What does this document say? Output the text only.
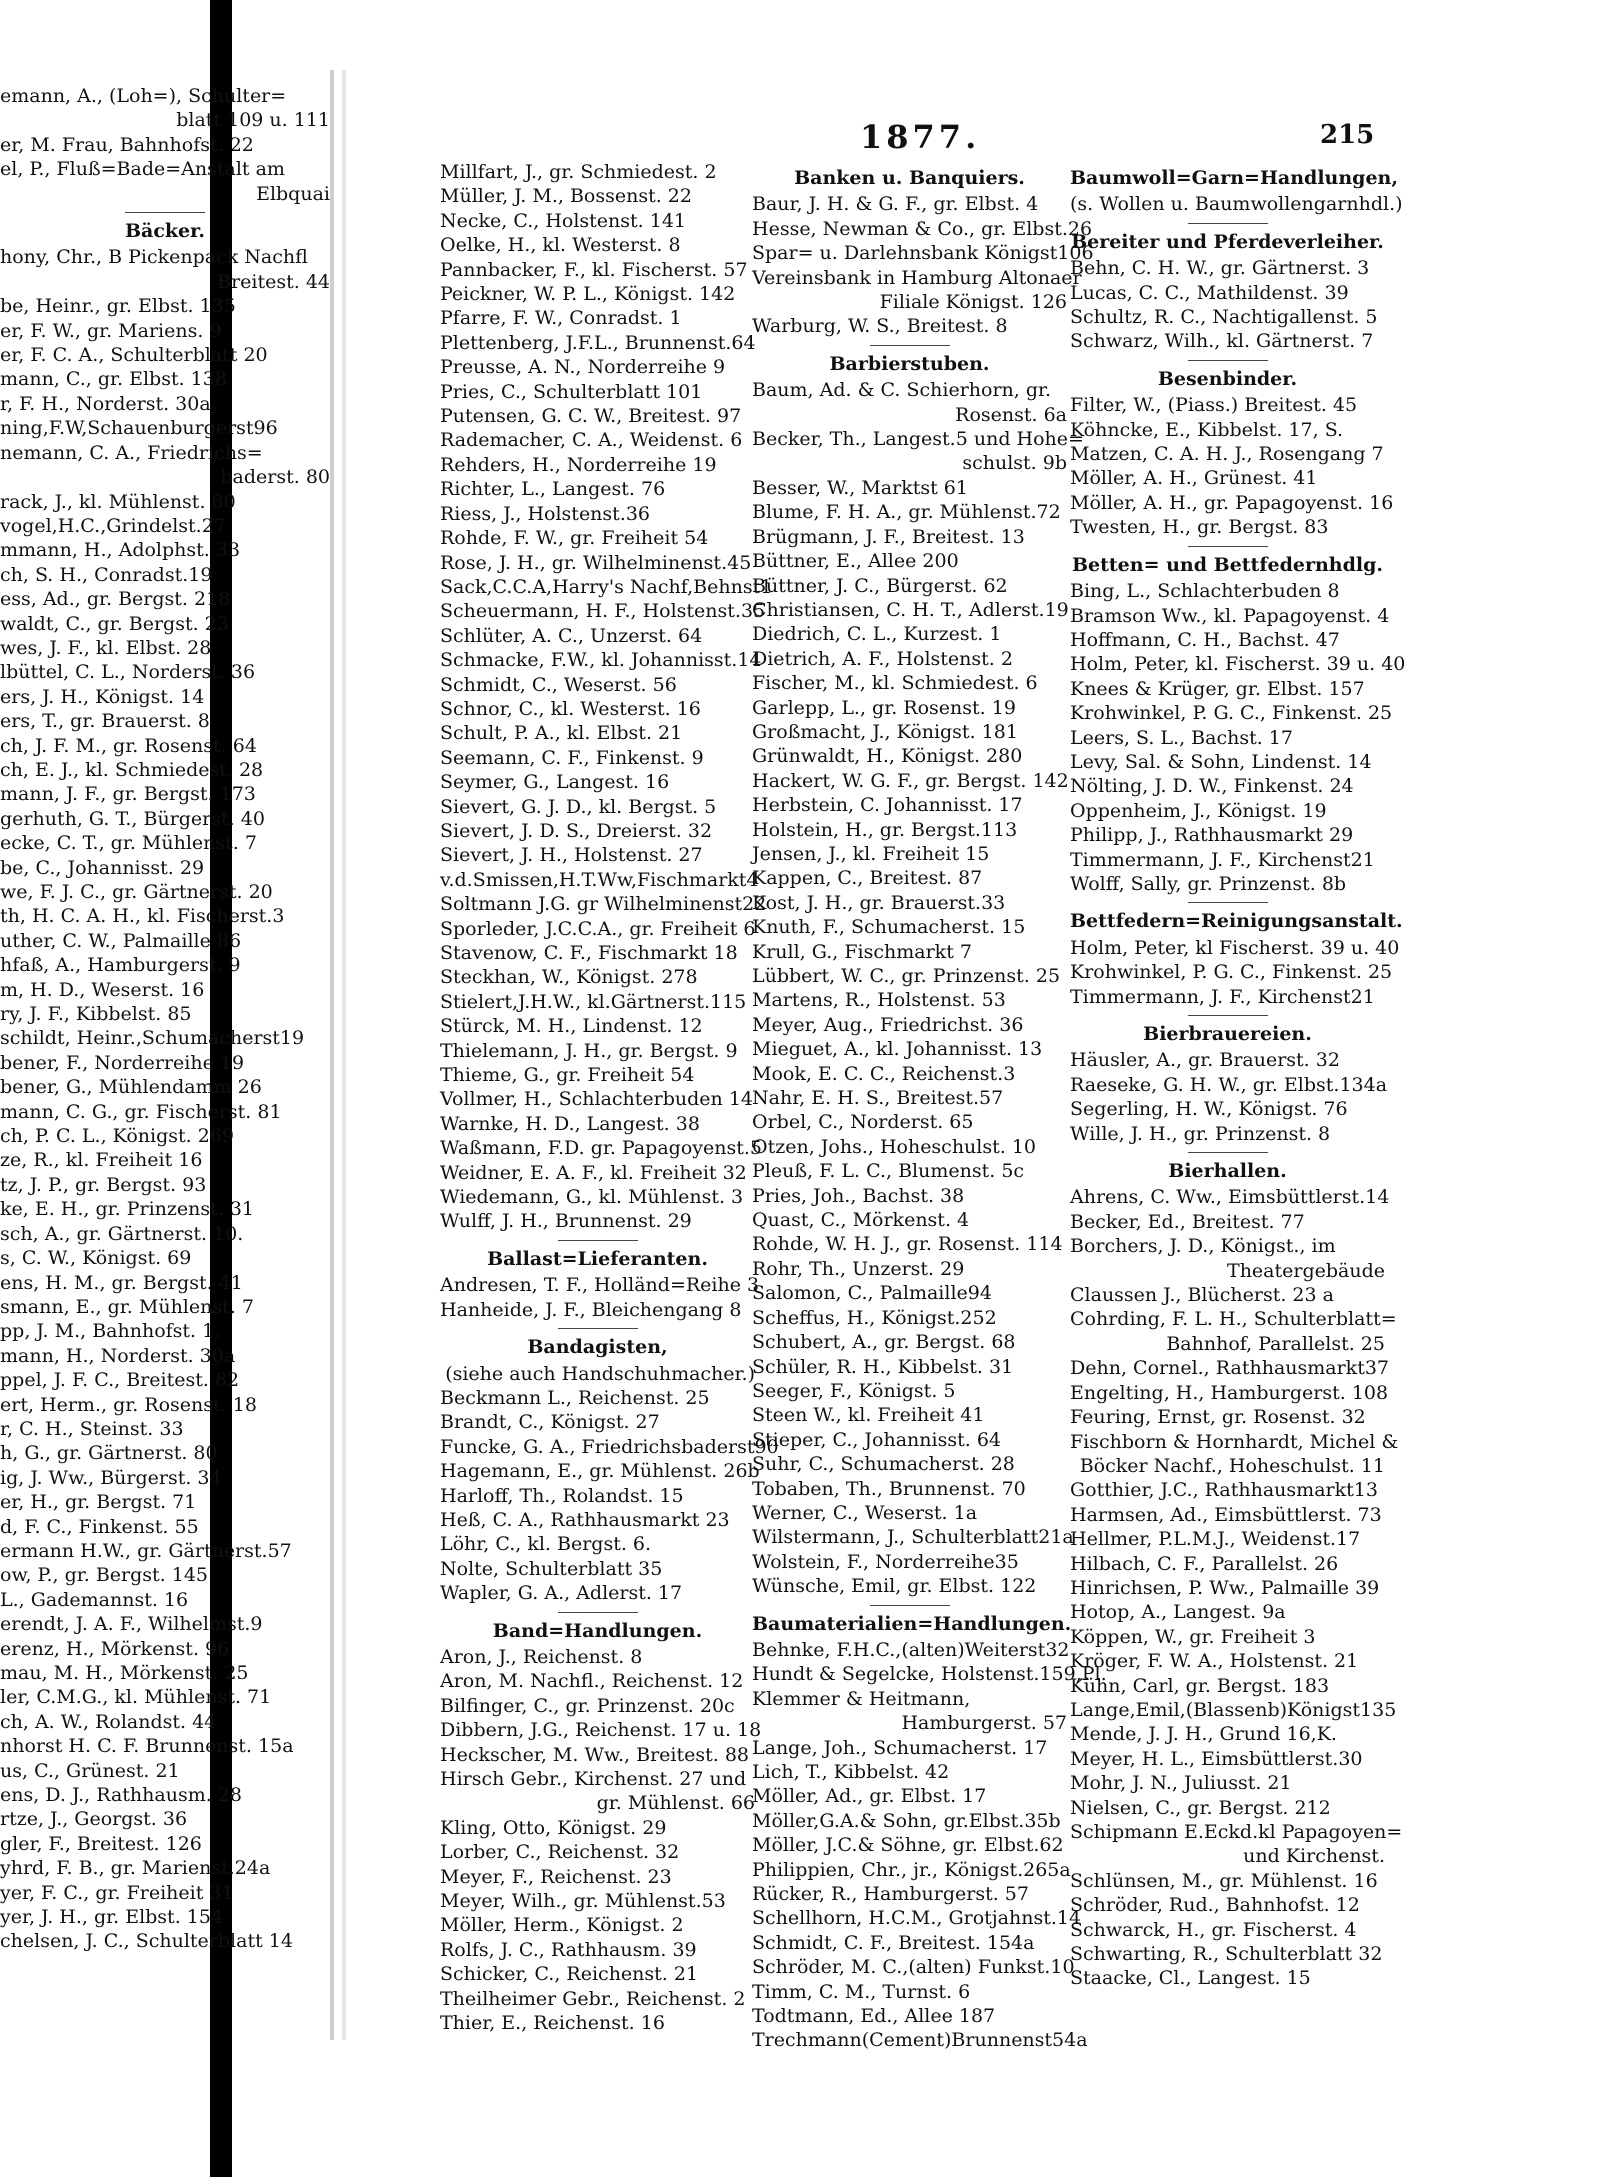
1877.	215
emann, A., (Loh=), Schulter=
blatt 109 u. 111
er, M. Frau, Bahnhofst. 22
el, P., Fluß=Bade=Anstalt am
Elbquai
Bäcker.
hony, Chr., B Pickenpack Nachfl
Breitest. 44
be, Heinr., gr. Elbst. 135
er, F. W., gr. Mariens. 9
er, F. C. A., Schulterblatt 20
mann, C., gr. Elbst. 138
r, F. H., Norderst. 30a
ning,F.W,Schauenburgerst96
nemann, C. A., Friedrichs=
baderst. 80
rack, J., kl. Mühlenst. 80
vogel,H.C.,Grindelst.27
mmann, H., Adolphst. 33
ch, S. H., Conradst.19
ess, Ad., gr. Bergst. 218
waldt, C., gr. Bergst. 23
wes, J. F., kl. Elbst. 28
lbüttel, C. L., Norderst. 36
ers, J. H., Königst. 14
ers, T., gr. Brauerst. 8
ch, J. F. M., gr. Rosenst. 64
ch, E. J., kl. Schmiedest. 28
mann, J. F., gr. Bergst. 173
gerhuth, G. T., Bürgerst. 40
ecke, C. T., gr. Mühlenst. 7
be, C., Johannisst. 29
we, F. J. C., gr. Gärtnerst. 20
th, H. C. A. H., kl. Fischerst.3
uther, C. W., Palmaille 86
hfaß, A., Hamburgerst. 9
m, H. D., Weserst. 16
ry, J. F., Kibbelst. 85
schildt, Heinr.,Schumacherst19
bener, F., Norderreihe 19
bener, G., Mühlendamm 26
mann, C. G., gr. Fischerst. 81
ch, P. C. L., Königst. 269
ze, R., kl. Freiheit 16
tz, J. P., gr. Bergst. 93
ke, E. H., gr. Prinzenst. 31
sch, A., gr. Gärtnerst. 10.
s, C. W., Königst. 69
ens, H. M., gr. Bergst. 41
smann, E., gr. Mühlenst. 7
pp, J. M., Bahnhofst. 1.
mann, H., Norderst. 30a
ppel, J. F. C., Breitest. 82
ert, Herm., gr. Rosenst. 18
r, C. H., Steinst. 33
h, G., gr. Gärtnerst. 80
ig, J. Ww., Bürgerst. 34
er, H., gr. Bergst. 71
d, F. C., Finkenst. 55
ermann H.W., gr. Gärtnerst.57
ow, P., gr. Bergst. 145
L., Gademannst. 16
erendt, J. A. F., Wilhelmst.9
erenz, H., Mörkenst. 96
mau, M. H., Mörkenst. 25
ler, C.M.G., kl. Mühlenst. 71
ch, A. W., Rolandst. 44
nhorst H. C. F. Brunnenst. 15a
us, C., Grünest. 21
ens, D. J., Rathhausm. 28
rtze, J., Georgst. 36
gler, F., Breitest. 126
yhrd, F. B., gr. Marienst.24a
yer, F. C., gr. Freiheit 31
yer, J. H., gr. Elbst. 154
chelsen, J. C., Schulterblatt 14
Millfart, J., gr. Schmiedest. 2
Müller, J. M., Bossenst. 22
Necke, C., Holstenst. 141
Oelke, H., kl. Westerst. 8
Pannbacker, F., kl. Fischerst. 57
Peickner, W. P. L., Königst. 142
Pfarre, F. W., Conradst. 1
Plettenberg, J.F.L., Brunnenst.64
Preusse, A. N., Norderreihe 9
Pries, C., Schulterblatt 101
Putensen, G. C. W., Breitest. 97
Rademacher, C. A., Weidenst. 6
Rehders, H., Norderreihe 19
Richter, L., Langest. 76
Riess, J., Holstenst.36
Rohde, F. W., gr. Freiheit 54
Rose, J. H., gr. Wilhelminenst.45
Sack,C.C.A,Harry's Nachf,Behnst1
Scheuermann, H. F., Holstenst.35
Schlüter, A. C., Unzerst. 64
Schmacke, F.W., kl. Johannisst.14
Schmidt, C., Weserst. 56
Schnor, C., kl. Westerst. 16
Schult, P. A., kl. Elbst. 21
Seemann, C. F., Finkenst. 9
Seymer, G., Langest. 16
Sievert, G. J. D., kl. Bergst. 5
Sievert, J. D. S., Dreierst. 32
Sievert, J. H., Holstenst. 27
v.d.Smissen,H.T.Ww,Fischmarkt4
Soltmann J.G. gr Wilhelminenst22
Sporleder, J.C.C.A., gr. Freiheit 6
Stavenow, C. F., Fischmarkt 18
Steckhan, W., Königst. 278
Stielert,J.H.W., kl.Gärtnerst.115
Stürck, M. H., Lindenst. 12
Thielemann, J. H., gr. Bergst. 9
Thieme, G., gr. Freiheit 54
Vollmer, H., Schlachterbuden 14
Warnke, H. D., Langest. 38
Waßmann, F.D. gr. Papagoyenst.5
Weidner, E. A. F., kl. Freiheit 32
Wiedemann, G., kl. Mühlenst. 3
Wulff, J. H., Brunnenst. 29
Ballast=Lieferanten.
Andresen, T. F., Holländ=Reihe 3
Hanheide, J. F., Bleichengang 8
Bandagisten,
(siehe auch Handschuhmacher.)
Beckmann L., Reichenst. 25
Brandt, C., Königst. 27
Funcke, G. A., Friedrichsbaderst90
Hagemann, E., gr. Mühlenst. 26b
Harloff, Th., Rolandst. 15
Heß, C. A., Rathhausmarkt 23
Löhr, C., kl. Bergst. 6.
Nolte, Schulterblatt 35
Wapler, G. A., Adlerst. 17
Band=Handlungen.
Aron, J., Reichenst. 8
Aron, M. Nachfl., Reichenst. 12
Bilfinger, C., gr. Prinzenst. 20c
Dibbern, J.G., Reichenst. 17 u. 18
Heckscher, M. Ww., Breitest. 88
Hirsch Gebr., Kirchenst. 27 und
gr. Mühlenst. 66
Kling, Otto, Königst. 29
Lorber, C., Reichenst. 32
Meyer, F., Reichenst. 23
Meyer, Wilh., gr. Mühlenst.53
Möller, Herm., Königst. 2
Rolfs, J. C., Rathhausm. 39
Schicker, C., Reichenst. 21
Theilheimer Gebr., Reichenst. 2
Thier, E., Reichenst. 16
Banken u. Banquiers.
Baur, J. H. & G. F., gr. Elbst. 4
Hesse, Newman & Co., gr. Elbst.26
Spar= u. Darlehnsbank Königst106
Vereinsbank in Hamburg Altonaer
Filiale Königst. 126
Warburg, W. S., Breitest. 8
Barbierstuben.
Baum, Ad. & C. Schierhorn, gr.
Rosenst. 6a
Becker, Th., Langest.5 und Hohe=
schulst. 9b
Besser, W., Marktst 61
Blume, F. H. A., gr. Mühlenst.72
Brügmann, J. F., Breitest. 13
Büttner, E., Allee 200
Büttner, J. C., Bürgerst. 62
Christiansen, C. H. T., Adlerst.19
Diedrich, C. L., Kurzest. 1
Dietrich, A. F., Holstenst. 2
Fischer, M., kl. Schmiedest. 6
Garlepp, L., gr. Rosenst. 19
Großmacht, J., Königst. 181
Grünwaldt, H., Königst. 280
Hackert, W. G. F., gr. Bergst. 142
Herbstein, C. Johannisst. 17
Holstein, H., gr. Bergst.113
Jensen, J., kl. Freiheit 15
Kappen, C., Breitest. 87
Kost, J. H., gr. Brauerst.33
Knuth, F., Schumacherst. 15
Krull, G., Fischmarkt 7
Lübbert, W. C., gr. Prinzenst. 25
Martens, R., Holstenst. 53
Meyer, Aug., Friedrichst. 36
Mieguet, A., kl. Johannisst. 13
Mook, E. C. C., Reichenst.3
Nahr, E. H. S., Breitest.57
Orbel, C., Norderst. 65
Otzen, Johs., Hoheschulst. 10
Pleuß, F. L. C., Blumenst. 5c
Pries, Joh., Bachst. 38
Quast, C., Mörkenst. 4
Rohde, W. H. J., gr. Rosenst. 114
Rohr, Th., Unzerst. 29
Salomon, C., Palmaille94
Scheffus, H., Königst.252
Schubert, A., gr. Bergst. 68
Schüler, R. H., Kibbelst. 31
Seeger, F., Königst. 5
Steen W., kl. Freiheit 41
Stieper, C., Johannisst. 64
Suhr, C., Schumacherst. 28
Tobaben, Th., Brunnenst. 70
Werner, C., Weserst. 1a
Wilstermann, J., Schulterblatt21a
Wolstein, F., Norderreihe35
Wünsche, Emil, gr. Elbst. 122
Baumaterialien=Handlungen.
Behnke, F.H.C.,(alten)Weiterst32
Hundt & Segelcke, Holstenst.159,Pl.
Klemmer & Heitmann,
Hamburgerst. 57
Lange, Joh., Schumacherst. 17
Lich, T., Kibbelst. 42
Möller, Ad., gr. Elbst. 17
Möller,G.A.& Sohn, gr.Elbst.35b
Möller, J.C.& Söhne, gr. Elbst.62
Philippien, Chr., jr., Königst.265a
Rücker, R., Hamburgerst. 57
Schellhorn, H.C.M., Grotjahnst.14
Schmidt, C. F., Breitest. 154a
Schröder, M. C.,(alten) Funkst.10
Timm, C. M., Turnst. 6
Todtmann, Ed., Allee 187
Trechmann(Cement)Brunnenst54a
Baumwoll=Garn=Handlungen,
(s. Wollen u. Baumwollengarnhdl.)
Bereiter und Pferdeverleiher.
Behn, C. H. W., gr. Gärtnerst. 3
Lucas, C. C., Mathildenst. 39
Schultz, R. C., Nachtigallenst. 5
Schwarz, Wilh., kl. Gärtnerst. 7
Besenbinder.
Filter, W., (Piass.) Breitest. 45
Köhncke, E., Kibbelst. 17, S.
Matzen, C. A. H. J., Rosengang 7
Möller, A. H., Grünest. 41
Möller, A. H., gr. Papagoyenst. 16
Twesten, H., gr. Bergst. 83
Betten= und Bettfedernhdlg.
Bing, L., Schlachterbuden 8
Bramson Ww., kl. Papagoyenst. 4
Hoffmann, C. H., Bachst. 47
Holm, Peter, kl. Fischerst. 39 u. 40
Knees & Krüger, gr. Elbst. 157
Krohwinkel, P. G. C., Finkenst. 25
Leers, S. L., Bachst. 17
Levy, Sal. & Sohn, Lindenst. 14
Nölting, J. D. W., Finkenst. 24
Oppenheim, J., Königst. 19
Philipp, J., Rathhausmarkt 29
Timmermann, J. F., Kirchenst21
Wolff, Sally, gr. Prinzenst. 8b
Bettfedern=Reinigungsanstalt.
Holm, Peter, kl Fischerst. 39 u. 40
Krohwinkel, P. G. C., Finkenst. 25
Timmermann, J. F., Kirchenst21
Bierbrauereien.
Häusler, A., gr. Brauerst. 32
Raeseke, G. H. W., gr. Elbst.134a
Segerling, H. W., Königst. 76
Wille, J. H., gr. Prinzenst. 8
Bierhallen.
Ahrens, C. Ww., Eimsbüttlerst.14
Becker, Ed., Breitest. 77
Borchers, J. D., Königst., im
Theatergebäude
Claussen J., Blücherst. 23 a
Cohrding, F. L. H., Schulterblatt=
Bahnhof, Parallelst. 25
Dehn, Cornel., Rathhausmarkt37
Engelting, H., Hamburgerst. 108
Feuring, Ernst, gr. Rosenst. 32
Fischborn & Hornhardt, Michel &
Böcker Nachf., Hoheschulst. 11
Gotthier, J.C., Rathhausmarkt13
Harmsen, Ad., Eimsbüttlerst. 73
Hellmer, P.L.M.J., Weidenst.17
Hilbach, C. F., Parallelst. 26
Hinrichsen, P. Ww., Palmaille 39
Hotop, A., Langest. 9a
Köppen, W., gr. Freiheit 3
Kröger, F. W. A., Holstenst. 21
Kühn, Carl, gr. Bergst. 183
Lange,Emil,(Blassenb)Königst135
Mende, J. J. H., Grund 16,K.
Meyer, H. L., Eimsbüttlerst.30
Mohr, J. N., Juliusst. 21
Nielsen, C., gr. Bergst. 212
Schipmann E.Eckd.kl Papagoyen=
und Kirchenst.
Schlünsen, M., gr. Mühlenst. 16
Schröder, Rud., Bahnhofst. 12
Schwarck, H., gr. Fischerst. 4
Schwarting, R., Schulterblatt 32
Staacke, Cl., Langest. 15
